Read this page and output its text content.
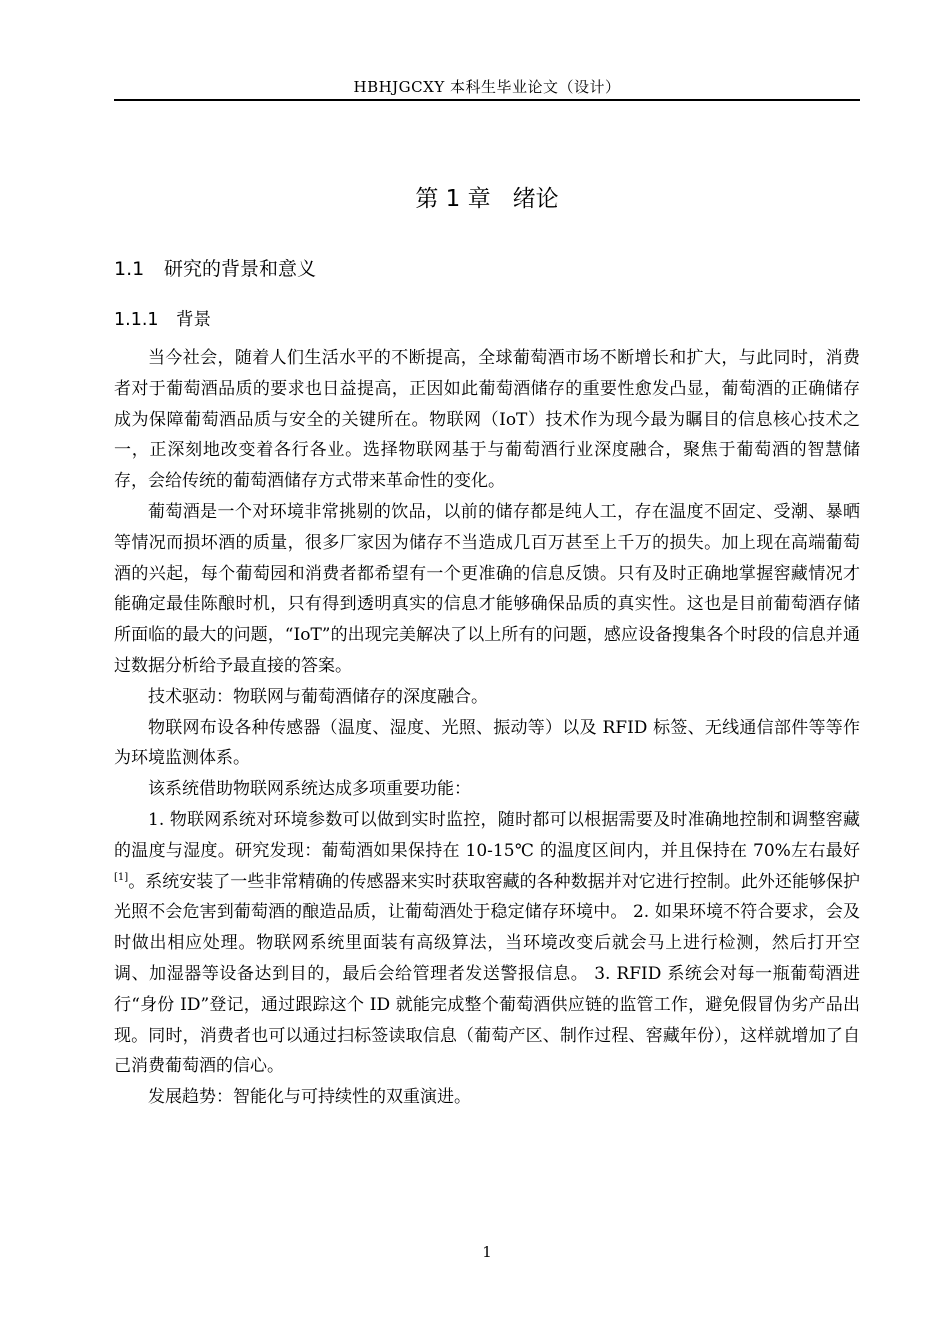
HBHJGCXY 本科生毕业论文（设计）
第 1 章 绪论
1.1 研究的背景和意义
1.1.1 背景

当今社会，随着人们生活水平的不断提高，全球葡萄酒市场不断增长和扩大，与此同时，消费者对于葡萄酒品质的要求也日益提高，正因如此葡萄酒储存的重要性愈发凸显，葡萄酒的正确储存成为保障葡萄酒品质与安全的关键所在。物联网（IoT）技术作为现今最为瞩目的信息核心技术之一，正深刻地改变着各行各业。选择物联网基于与葡萄酒行业深度融合，聚焦于葡萄酒的智慧储存，会给传统的葡萄酒储存方式带来革命性的变化。

葡萄酒是一个对环境非常挑剔的饮品，以前的储存都是纯人工，存在温度不固定、受潮、暴晒等情况而损坏酒的质量，很多厂家因为储存不当造成几百万甚至上千万的损失。加上现在高端葡萄酒的兴起，每个葡萄园和消费者都希望有一个更准确的信息反馈。只有及时正确地掌握窖藏情况才能确定最佳陈酿时机，只有得到透明真实的信息才能够确保品质的真实性。这也是目前葡萄酒存储所面临的最大的问题，“IoT”的出现完美解决了以上所有的问题，感应设备搜集各个时段的信息并通过数据分析给予最直接的答案。

技术驱动：物联网与葡萄酒储存的深度融合。

物联网布设各种传感器（温度、湿度、光照、振动等）以及 RFID 标签、无线通信部件等等作为环境监测体系。

该系统借助物联网系统达成多项重要功能：

1. 物联网系统对环境参数可以做到实时监控，随时都可以根据需要及时准确地控制和调整窖藏的温度与湿度。研究发现：葡萄酒如果保持在 10-15℃ 的温度区间内，并且保持在 70%左右最好[1]。系统安装了一些非常精确的传感器来实时获取窖藏的各种数据并对它进行控制。此外还能够保护光照不会危害到葡萄酒的酿造品质，让葡萄酒处于稳定储存环境中。 2. 如果环境不符合要求，会及时做出相应处理。物联网系统里面装有高级算法，当环境改变后就会马上进行检测，然后打开空调、加湿器等设备达到目的，最后会给管理者发送警报信息。 3. RFID 系统会对每一瓶葡萄酒进行“身份 ID”登记，通过跟踪这个 ID 就能完成整个葡萄酒供应链的监管工作，避免假冒伪劣产品出现。同时，消费者也可以通过扫标签读取信息（葡萄产区、制作过程、窖藏年份），这样就增加了自己消费葡萄酒的信心。

发展趋势：智能化与可持续性的双重演进。

1
